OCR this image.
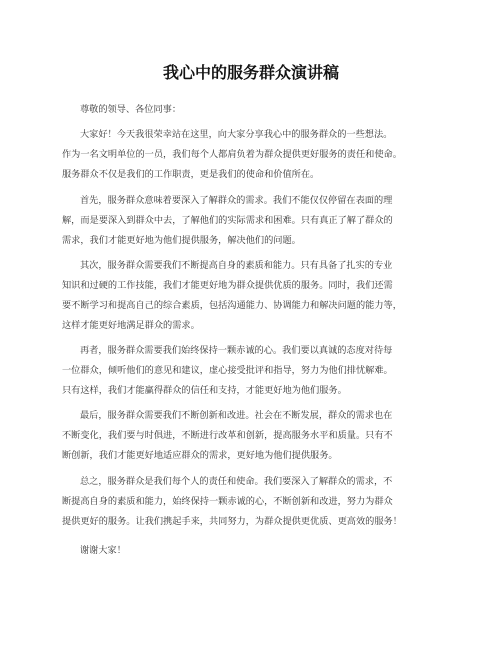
我心中的服务群众演讲稿

尊敬的领导、各位同事：

大家好！今天我很荣幸站在这里，向大家分享我心中的服务群众的一些想法。
作为一名文明单位的一员，我们每个人都肩负着为群众提供更好服务的责任和使命。
服务群众不仅是我们的工作职责，更是我们的使命和价值所在。
首先，服务群众意味着要深入了解群众的需求。我们不能仅仅停留在表面的理
解，而是要深入到群众中去，了解他们的实际需求和困难。只有真正了解了群众的
需求，我们才能更好地为他们提供服务，解决他们的问题。
其次，服务群众需要我们不断提高自身的素质和能力。只有具备了扎实的专业
知识和过硬的工作技能，我们才能更好地为群众提供优质的服务。同时，我们还需
要不断学习和提高自己的综合素质，包括沟通能力、协调能力和解决问题的能力等，
这样才能更好地满足群众的需求。
再者，服务群众需要我们始终保持一颗赤诚的心。我们要以真诚的态度对待每
一位群众，倾听他们的意见和建议，虚心接受批评和指导，努力为他们排忧解难。
只有这样，我们才能赢得群众的信任和支持，才能更好地为他们服务。
最后，服务群众需要我们不断创新和改进。社会在不断发展，群众的需求也在
不断变化，我们要与时俱进，不断进行改革和创新，提高服务水平和质量。只有不
断创新，我们才能更好地适应群众的需求，更好地为他们提供服务。
总之，服务群众是我们每个人的责任和使命。我们要深入了解群众的需求，不
断提高自身的素质和能力，始终保持一颗赤诚的心，不断创新和改进，努力为群众
提供更好的服务。让我们携起手来，共同努力，为群众提供更优质、更高效的服务！

谢谢大家！
